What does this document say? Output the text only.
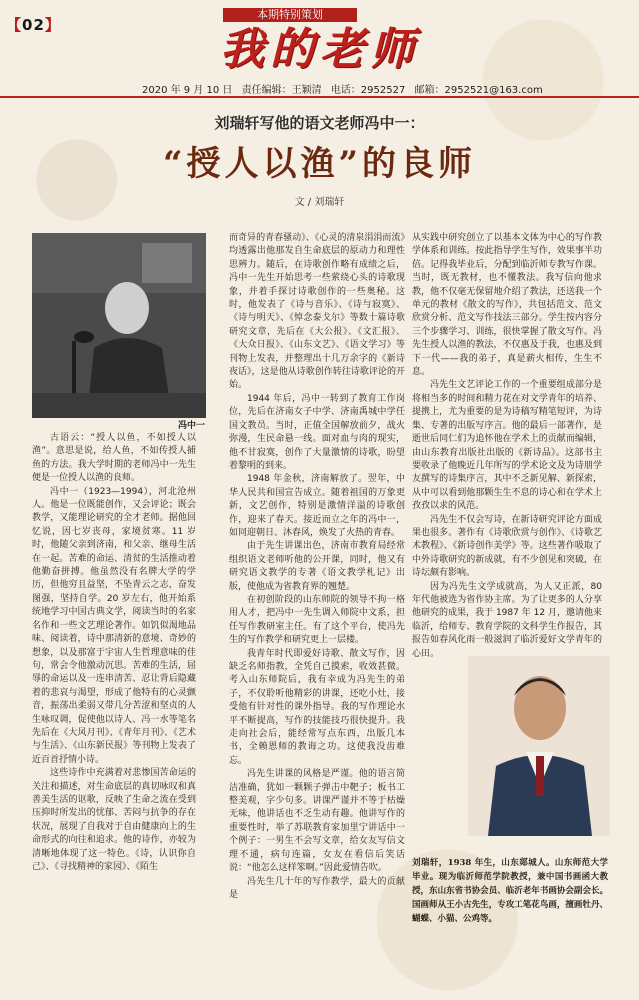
【02】
本期特别策划
我的老师
2020 年 9 月 10 日 责任编辑：王颖清 电话：2952527 邮箱：2952521@163.com
刘瑞轩写他的语文老师冯中一：
“授人以渔”的良师
文 / 刘瑞轩
冯中一

古语云：“授人以鱼，不如授人以渔”。意思是说，给人鱼，不如传授人捕鱼的方法。我大学时期的老师冯中一先生便是一位授人以渔的良师。

冯中一（1923—1994），河北沧州人。他是一位既能创作，又会评论；既会教学，又能理论研究的全才老师。据他回忆说，因七岁丧母，家境贫寒。11 岁时，他随父亲到济南，和父亲、继母生活在一起。苦难的命运、清贫的生活推动着他勤奋拼搏。他虽然没有名牌大学的学历，但他穷且益坚，不坠青云之志，奋发图强，坚持自学。20 岁左右，他开始系统地学习中国古典文学，阅读当时的名家名作和一些文艺理论著作。如饥似渴地品味、阅读着，诗中那清新的意境、奇妙的想象，以及那富于宇宙人生哲理意味的佳句，常会令他激动沉思。苦难的生活，屈辱的命运以及一连串清苦、忍让背后隐藏着的悲哀与渴望，形成了他特有的心灵颤音，振荡出柔弱又带几分苦涩和坚贞的人生咏叹调，促使他以诗人、冯一水等笔名先后在《大风月刊》、《青年月刊》、《艺术与生活》、《山东新民报》等刊物上发表了近百首抒情小诗。

这些诗作中充满着对悲惨国苦命运的关注和描述，对生命底层的真切咏叹和真善美生活的讴歌，反映了生命之流在受到压抑时所发出的忧郁、苦闷与抗争的存在状况，展现了自我对于自由健康向上的生命形式的向往和追求。他的诗作，亦较为清晰地体现了这一特色。《诗，认识你自己》、《寻找精神的家园》、《陌生

而奇异的青春骚动》、《心灵的清泉涓涓而流》均透露出他那发自生命底层的原动力和理性思辨力。随后，在诗歌创作略有成绩之后，冯中一先生开始思考一些萦绕心头的诗歌现象，并着手探讨诗歌创作的一些奥秘。这时，他发表了《诗与音乐》、《诗与寂寞》、《诗与明天》、《悼念泰戈尔》等数十篇诗歌研究文章，先后在《大公报》、《文汇报》、《大众日报》、《山东文艺》、《语文学习》等刊物上发表，并整理出十几万余字的《新诗夜话》，这是他从诗歌创作转往诗歌评论的开始。

1944 年后，冯中一转到了教育工作岗位，先后在济南女子中学、济南禹城中学任国文教员。当时，正值全国解放前夕，战火弥漫，生民命悬一线。面对血与肉的现实，他不甘寂寞，创作了大量激情的诗歌，盼望着黎明的到来。

1948 年金秋，济南解放了。翌年，中华人民共和国宣告成立。随着祖国的万象更新，文艺创作，特别是激情洋溢的诗歌创作，迎来了春天。接近而立之年的冯中一，如同迎朝日、沐春风，焕发了火热的青春。

由于先生讲课出色，济南市教育局经常组织语文老师听他的公开课，同时，他又有研究语文教学的专著《语文教学札记》出版，使他成为省教育界的翘楚。

在初创阶段的山东师院的领导不拘一格用人才，把冯中一先生调入师院中文系，担任写作教研室主任。有了这个平台，使冯先生的写作教学和研究更上一层楼。

我青年时代即爱好诗歌、散文写作，因缺乏名师指教，全凭自己摸索，收效甚微。考入山东师院后，我有幸成为冯先生的弟子，不仅聆听他精彩的讲课，还吃小灶，接受他有针对性的课外指导。我的写作理论水平不断提高，写作的技能技巧很快提升。我走向社会后，能经常写点东西，出版几本书，全赖恩师的教诲之功。这使我没齿难忘。

冯先生讲课的风格是严谨。他的语言简洁准确，犹如一颗颗子弹击中靶子；板书工整美观，字少句多。讲课严谨并不等于枯燥无味，他讲话也不乏生动有趣。他讲写作的重要性时，举了苏联教育家加里宁讲话中一个例子：一男生不会写文章，给女友写信文理不通，病句连篇，女友在看信后笑话说：“他怎么这样笨啊。”因此爱情告吹。

冯先生几十年的写作教学，最大的贡献是

从实践中研究创立了以基本文体为中心的写作教学体系和训练。按此指导学生写作，效果事半功倍。记得我毕业后，分配到临沂师专教写作课。当时，既无教材，也不懂教法。我写信向他求教，他不仅毫无保留地介绍了教法，还送我一个单元的教材《散文的写作》，共包括范文、范文欣赏分析、范文写作技法三部分。学生按内容分三个步骤学习、训练，很快掌握了散文写作。冯先生授人以渔的教法，不仅惠及于我，也惠及到下一代——我的弟子，真是薪火相传，生生不息。

冯先生文艺评论工作的一个重要组成部分是将相当多的时间和精力花在对文学青年的培养、提携上，尤为重要的是为诗稿写精笔短评，为诗集、专著的出版写序言。他的最后一部著作，是逝世后同仁们为追怀他在学术上的贡献而编辑，由山东教育出版社出版的《新诗品》。这部书主要收录了他晚近几年所写的学术论文及为诗朋学友撰写的诗集序言，其中不乏新见解、新探索，从中可以看到他那颗生生不息的诗心和在学术上孜孜以求的风范。

冯先生不仅会写诗，在新诗研究评论方面成果也很多。著作有《诗歌欣赏与创作》、《诗歌艺术教程》、《新诗创作美学》等。这些著作吸取了中外诗歌研究的新成就，有不少创见和突破，在诗坛颇有影响。

因为冯先生文学成就高，为人又正派，80 年代他被选为省作协主席。为了让更多的人分享他研究的成果，我于 1987 年 12 月，邀请他来临沂，给师专、教育学院的文科学生作报告，其报告如春风化雨一般滋润了临沂爱好文学青年的心田。

刘瑞轩，1938 年生，山东郯城人。山东师范大学毕业。现为临沂师范学院教授，兼中国书画函大教授，东山东省书协会员、临沂老年书画协会副会长。国画师从王小古先生，专攻工笔花鸟画，擅画牡丹、蝴蝶、小猫、公鸡等。
